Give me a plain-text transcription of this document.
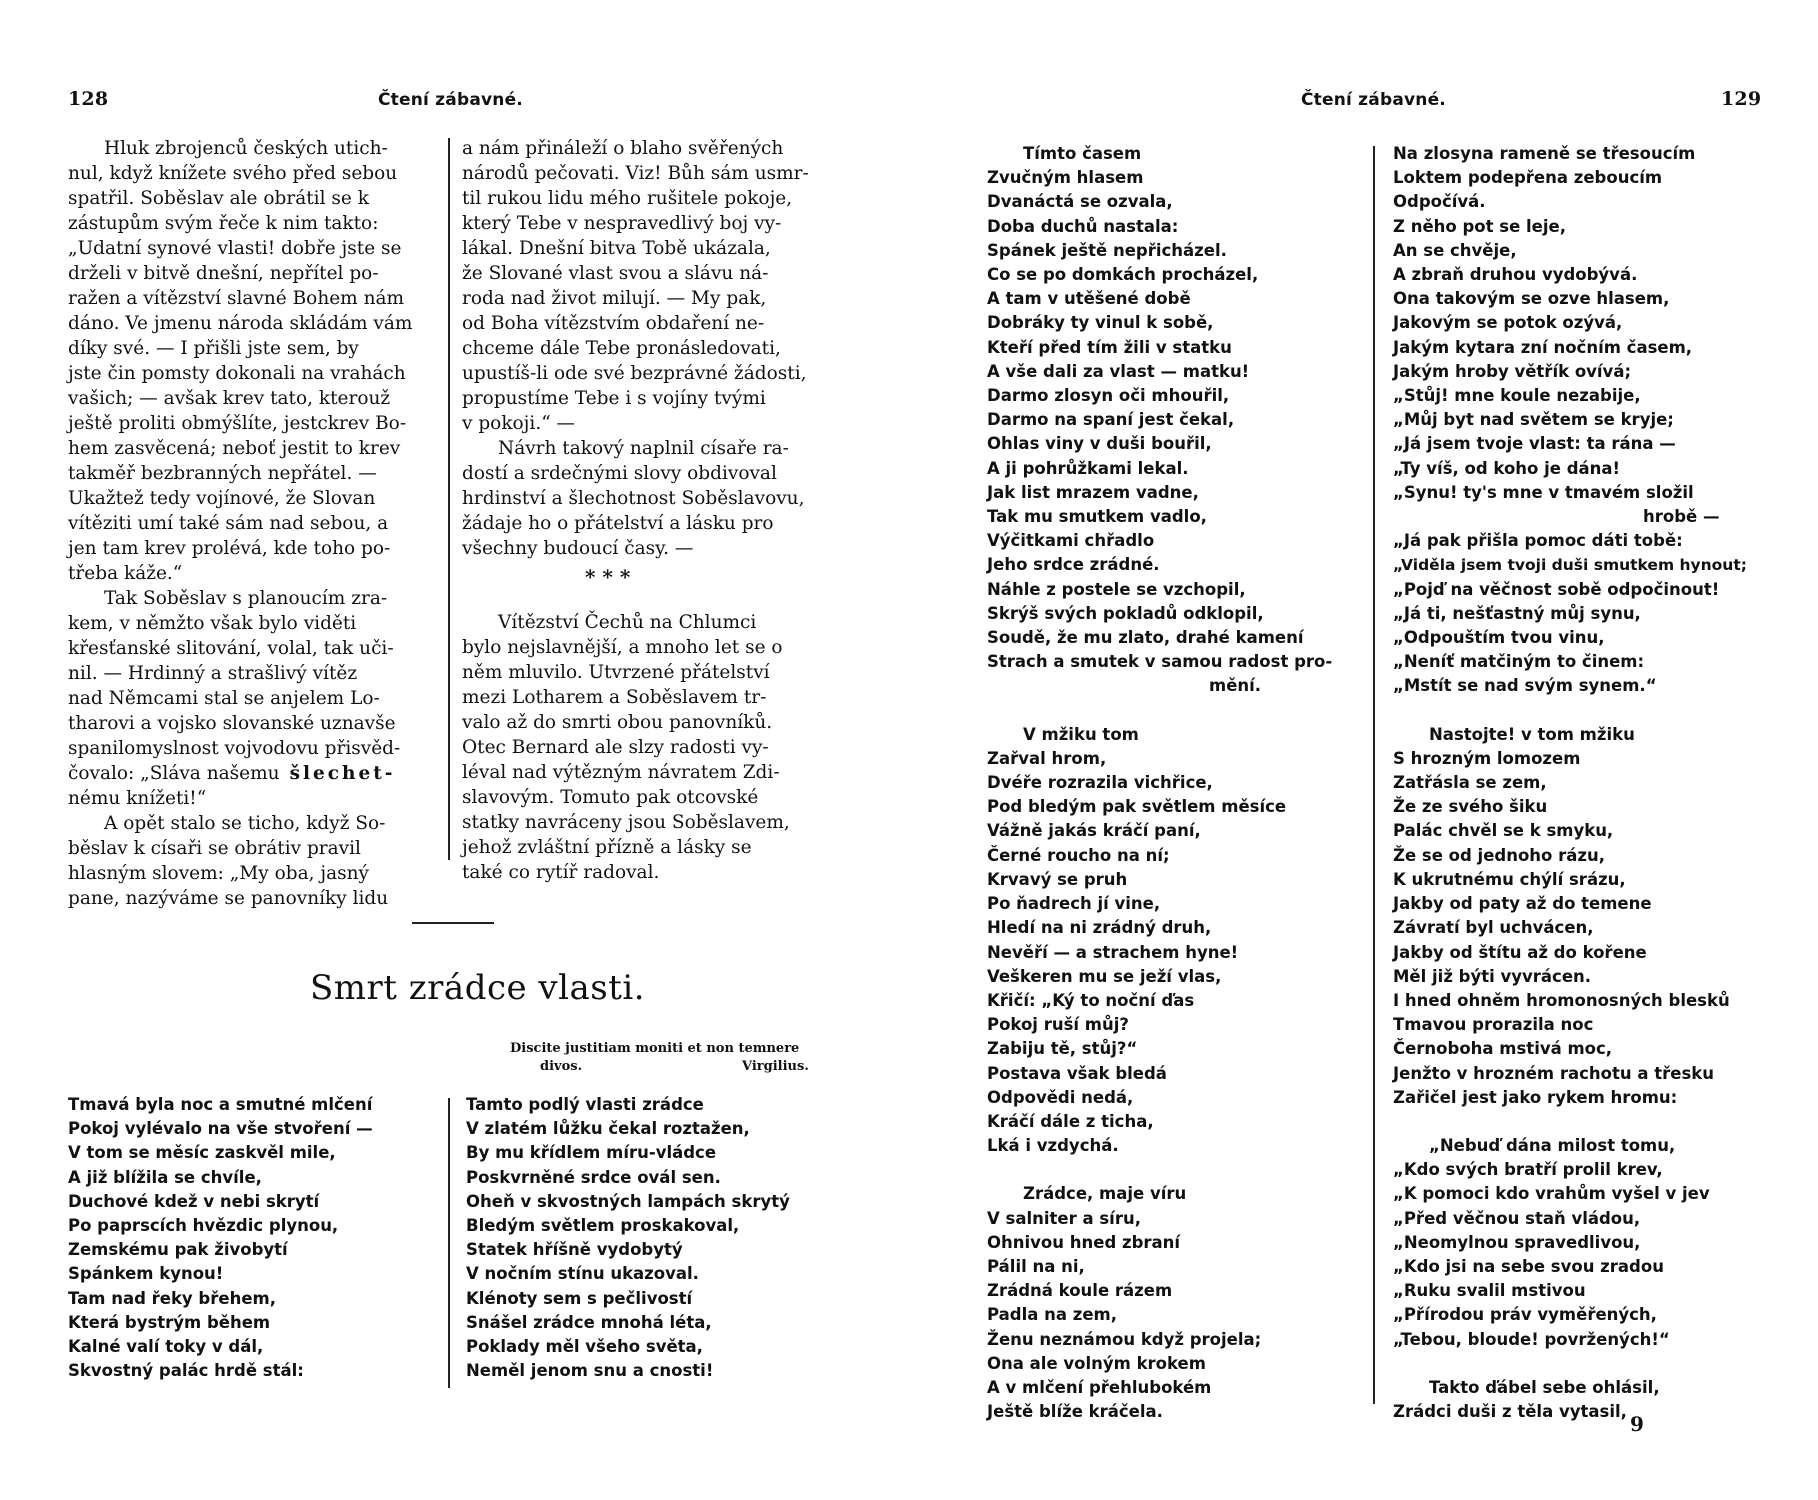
128	Čtení zábavné.
Hluk zbrojenců českých utich-
nul, když knížete svého před sebou
spatřil. Soběslav ale obrátil se k
zástupům svým řeče k nim takto:
„Udatní synové vlasti! dobře jste se
drželi v bitvě dnešní, nepřítel po-
ražen a vítězství slavné Bohem nám
dáno. Ve jmenu národa skládám vám
díky své. — I přišli jste sem, by
jste čin pomsty dokonali na vrahách
vašich; — avšak krev tato, kterouž
ještě proliti obmýšlíte, jestckrev Bo-
hem zasvěcená; neboť jestit to krev
takměř bezbranných nepřátel. —
Ukažtež tedy vojínové, že Slovan
vítěziti umí také sám nad sebou, a
jen tam krev prolévá, kde toho po-
třeba káže.“
Tak Soběslav s planoucím zra-
kem, v němžto však bylo viděti
křesťanské slitování, volal, tak uči-
nil. — Hrdinný a strašlivý vítěz
nad Němcami stal se anjelem Lo-
tharovi a vojsko slovanské uznavše
spanilomyslnost vojvodovu přisvěd-
čovalo: „Sláva našemu šlechet-
nému knížeti!“
A opět stalo se ticho, když So-
běslav k císaři se obrátiv pravil
hlasným slovem: „My oba, jasný
pane, nazýváme se panovníky lidu
a nám přináleží o blaho svěřených
národů pečovati. Viz! Bůh sám usmr-
til rukou lidu mého rušitele pokoje,
který Tebe v nespravedlivý boj vy-
lákal. Dnešní bitva Tobě ukázala,
že Slované vlast svou a slávu ná-
roda nad život milují. — My pak,
od Boha vítězstvím obdaření ne-
chceme dále Tebe pronásledovati,
upustíš-li ode své bezprávné žádosti,
propustíme Tebe i s vojíny tvými
v pokoji.“ —
Návrh takový naplnil císaře ra-
dostí a srdečnými slovy obdivoval
hrdinství a šlechotnost Soběslavovu,
žádaje ho o přátelství a lásku pro
všechny budoucí časy. —
* * *
Vítězství Čechů na Chlumci
bylo nejslavnější, a mnoho let se o
něm mluvilo. Utvrzené přátelství
mezi Lotharem a Soběslavem tr-
valo až do smrti obou panovníků.
Otec Bernard ale slzy radosti vy-
léval nad výtězným návratem Zdi-
slavovým. Tomuto pak otcovské
statky navráceny jsou Soběslavem,
jehož zvláštní přízně a lásky se
také co rytíř radoval.
Smrt zrádce vlasti.
Discite justitiam moniti et non temnere
divos.	Virgilius.
Tmavá byla noc a smutné mlčení
Pokoj vylévalo na vše stvoření —
V tom se měsíc zaskvěl mile,
A již blížila se chvíle,
Duchové kdež v nebi skrytí
Po paprscích hvězdic plynou,
Zemskému pak živobytí
Spánkem kynou!
Tam nad řeky břehem,
Která bystrým během
Kalné valí toky v dál,
Skvostný palác hrdě stál:
Tamto podlý vlasti zrádce
V zlatém lůžku čekal roztažen,
By mu křídlem míru-vládce
Poskvrněné srdce ovál sen.
Oheň v skvostných lampách skrytý
Bledým světlem proskakoval,
Statek hříšně vydobytý
V nočním stínu ukazoval.
Klénoty sem s pečlivostí
Snášel zrádce mnohá léta,
Poklady měl všeho světa,
Neměl jenom snu a cnosti!
Čtení zábavné.	129
Tímto časem
Zvučným hlasem
Dvanáctá se ozvala,
Doba duchů nastala:
Spánek ještě nepřicházel.
Co se po domkách procházel,
A tam v utěšené době
Dobráky ty vinul k sobě,
Kteří před tím žili v statku
A vše dali za vlast — matku!
Darmo zlosyn oči mhouřil,
Darmo na spaní jest čekal,
Ohlas viny v duši bouřil,
A ji pohrůžkami lekal.
Jak list mrazem vadne,
Tak mu smutkem vadlo,
Výčitkami chřadlo
Jeho srdce zrádné.
Náhle z postele se vzchopil,
Skrýš svých pokladů odklopil,
Soudě, že mu zlato, drahé kamení
Strach a smutek v samou radost pro-
mění.
V mžiku tom
Zařval hrom,
Dvéře rozrazila vichřice,
Pod bledým pak světlem měsíce
Vážně jakás kráčí paní,
Černé roucho na ní;
Krvavý se pruh
Po ňadrech jí vine,
Hledí na ni zrádný druh,
Nevěří — a strachem hyne!
Veškeren mu se ježí vlas,
Křičí: „Ký to noční ďas
Pokoj ruší můj?
Zabiju tě, stůj?“
Postava však bledá
Odpovědi nedá,
Kráčí dále z ticha,
Lká i vzdychá.
Zrádce, maje víru
V salniter a síru,
Ohnivou hned zbraní
Pálil na ni,
Zrádná koule rázem
Padla na zem,
Ženu neznámou když projela;
Ona ale volným krokem
A v mlčení přehlubokém
Ještě blíže kráčela.
Na zlosyna rameně se třesoucím
Loktem podepřena zeboucím
Odpočívá.
Z něho pot se leje,
An se chvěje,
A zbraň druhou vydobývá.
Ona takovým se ozve hlasem,
Jakovým se potok ozývá,
Jakým kytara zní nočním časem,
Jakým hroby větřík ovívá;
„Stůj! mne koule nezabije,
„Můj byt nad světem se kryje;
„Já jsem tvoje vlast: ta rána —
„Ty víš, od koho je dána!
„Synu! ty's mne v tmavém složil
hrobě —
„Já pak přišla pomoc dáti tobě:
„Viděla jsem tvoji duši smutkem hynout;
„Pojď na věčnost sobě odpočinout!
„Já ti, nešťastný můj synu,
„Odpouštím tvou vinu,
„Neníť matčiným to činem:
„Mstít se nad svým synem.“
Nastojte! v tom mžiku
S hrozným lomozem
Zatřásla se zem,
Že ze svého šiku
Palác chvěl se k smyku,
Že se od jednoho rázu,
K ukrutnému chýlí srázu,
Jakby od paty až do temene
Závratí byl uchvácen,
Jakby od štítu až do kořene
Měl již býti vyvrácen.
I hned ohněm hromonosných blesků
Tmavou prorazila noc
Černoboha mstivá moc,
Jenžto v hrozném rachotu a třesku
Zařičel jest jako rykem hromu:
„Nebuď dána milost tomu,
„Kdo svých bratří prolil krev,
„K pomoci kdo vrahům vyšel v jev
„Před věčnou staň vládou,
„Neomylnou spravedlivou,
„Kdo jsi na sebe svou zradou
„Ruku svalil mstivou
„Přírodou práv vyměřených,
„Tebou, bloude! povržených!“
Takto ďábel sebe ohlásil,
Zrádci duši z těla vytasil,
9
